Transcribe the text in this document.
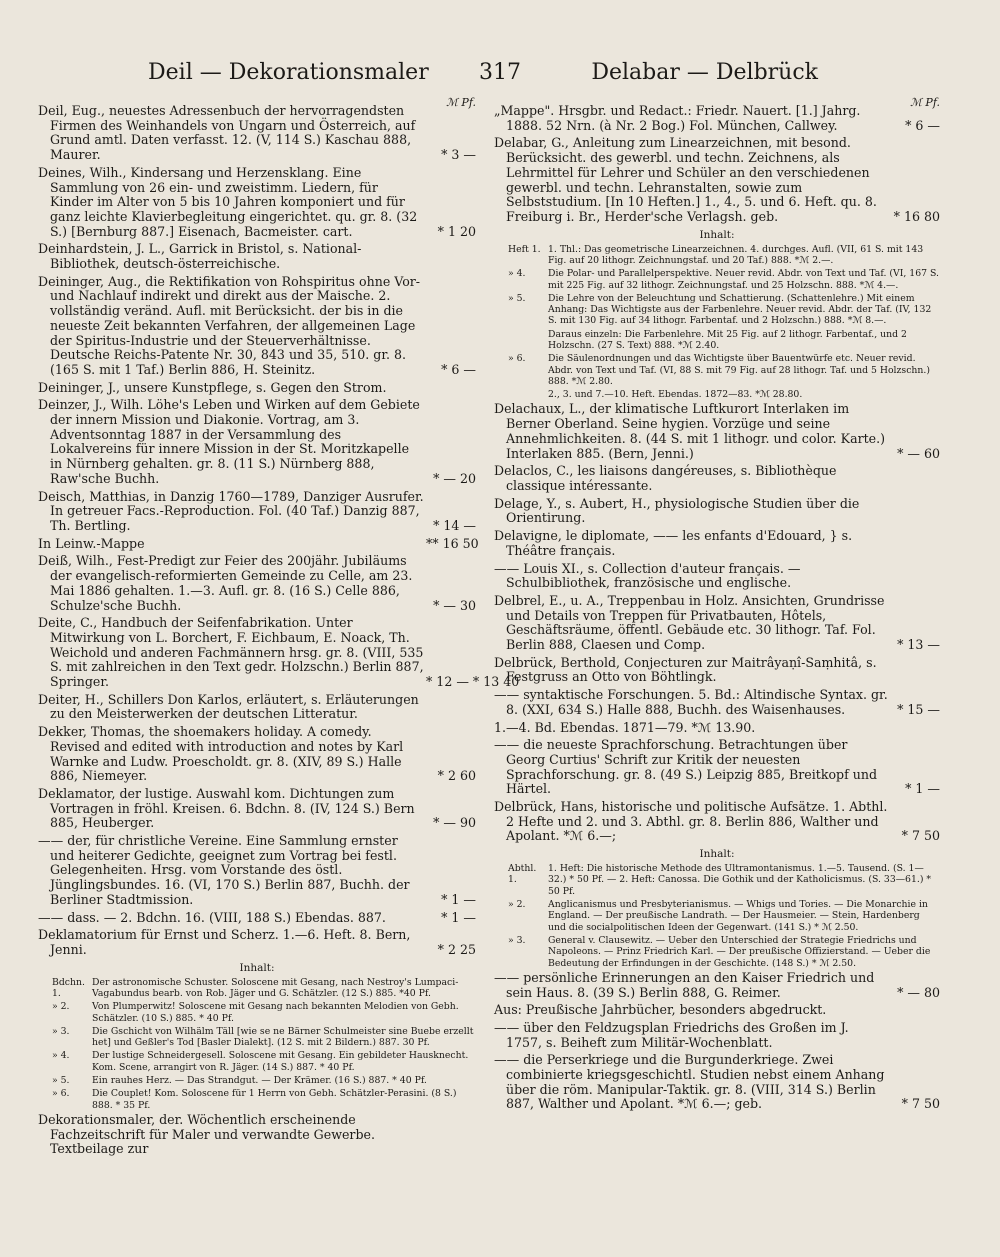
Deil — Dekorationsmaler	317	Delabar — Delbrück
ℳ Pf.
Deil, Eug., neuestes Adressenbuch der hervorragendsten Firmen des Weinhandels von Ungarn und Österreich, auf Grund amtl. Daten verfasst. 12. (V, 114 S.) Kaschau 888, Maurer.	* 3 —
Deines, Wilh., Kindersang und Herzensklang. Eine Sammlung von 26 ein- und zweistimm. Liedern, für Kinder im Alter von 5 bis 10 Jahren komponiert und für ganz leichte Klavierbegleitung eingerichtet. qu. gr. 8. (32 S.) [Bernburg 887.] Eisenach, Bacmeister. cart.	* 1 20
Deinhardstein, J. L., Garrick in Bristol, s. National-Bibliothek, deutsch-österreichische.
Deininger, Aug., die Rektifikation von Rohspiritus ohne Vor- und Nachlauf indirekt und direkt aus der Maische. 2. vollständig veränd. Aufl. mit Berücksicht. der bis in die neueste Zeit bekannten Verfahren, der allgemeinen Lage der Spiritus-Industrie und der Steuerverhältnisse. Deutsche Reichs-Patente Nr. 30, 843 und 35, 510. gr. 8. (165 S. mit 1 Taf.) Berlin 886, H. Steinitz.	* 6 —
Deininger, J., unsere Kunstpflege, s. Gegen den Strom.
Deinzer, J., Wilh. Löhe's Leben und Wirken auf dem Gebiete der innern Mission und Diakonie. Vortrag, am 3. Adventsonntag 1887 in der Versammlung des Lokalvereins für innere Mission in der St. Moritzkapelle in Nürnberg gehalten. gr. 8. (11 S.) Nürnberg 888, Raw'sche Buchh.	* — 20
Deisch, Matthias, in Danzig 1760—1789, Danziger Ausrufer. In getreuer Facs.-Reproduction. Fol. (40 Taf.) Danzig 887, Th. Bertling.	* 14 —
In Leinw.-Mappe	** 16 50
Deiß, Wilh., Fest-Predigt zur Feier des 200jähr. Jubiläums der evangelisch-reformierten Gemeinde zu Celle, am 23. Mai 1886 gehalten. 1.—3. Aufl. gr. 8. (16 S.) Celle 886, Schulze'sche Buchh.	* — 30
Deite, C., Handbuch der Seifenfabrikation. Unter Mitwirkung von L. Borchert, F. Eichbaum, E. Noack, Th. Weichold und anderen Fachmännern hrsg. gr. 8. (VIII, 535 S. mit zahlreichen in den Text gedr. Holzschn.) Berlin 887, Springer.	* 12 — * 13 40
Deiter, H., Schillers Don Karlos, erläutert, s. Erläuterungen zu den Meisterwerken der deutschen Litteratur.
Dekker, Thomas, the shoemakers holiday. A comedy. Revised and edited with introduction and notes by Karl Warnke and Ludw. Proescholdt. gr. 8. (XIV, 89 S.) Halle 886, Niemeyer.	* 2 60
Deklamator, der lustige. Auswahl kom. Dichtungen zum Vortragen in fröhl. Kreisen. 6. Bdchn. 8. (IV, 124 S.) Bern 885, Heuberger.	* — 90
—— der, für christliche Vereine. Eine Sammlung ernster und heiterer Gedichte, geeignet zum Vortrag bei festl. Gelegenheiten. Hrsg. vom Vorstande des östl. Jünglingsbundes. 16. (VI, 170 S.) Berlin 887, Buchh. der Berliner Stadtmission.	* 1 —
—— dass. — 2. Bdchn. 16. (VIII, 188 S.) Ebendas. 887.	* 1 —
Deklamatorium für Ernst und Scherz. 1.—6. Heft. 8. Bern, Jenni.	* 2 25
Inhalt:
Bdchn. 1.
Der astronomische Schuster. Soloscene mit Gesang, nach Nestroy's Lumpaci-Vagabundus bearb. von Rob. Jäger und G. Schätzler. (12 S.) 885. *40 Pf.
» 2.	Von Plumperwitz! Soloscene mit Gesang nach bekannten Melodien von Gebh. Schätzler. (10 S.) 885. * 40 Pf.
» 3.	Die Gschicht von Wilhälm Täll [wie se ne Bärner Schulmeister sine Buebe erzellt het] und Geßler's Tod [Basler Dialekt]. (12 S. mit 2 Bildern.) 887. 30 Pf.
» 4.	Der lustige Schneidergesell. Soloscene mit Gesang. Ein gebildeter Hausknecht. Kom. Scene, arrangirt von R. Jäger. (14 S.) 887. * 40 Pf.
» 5.	Ein rauhes Herz. — Das Strandgut. — Der Krämer. (16 S.) 887. * 40 Pf.
» 6.	Die Couplet! Kom. Soloscene für 1 Herrn von Gebh. Schätzler-Perasini. (8 S.) 888. * 35 Pf.
Dekorationsmaler, der. Wöchentlich erscheinende Fachzeitschrift für Maler und verwandte Gewerbe. Textbeilage zur
ℳ Pf.
„Mappe". Hrsgbr. und Redact.: Friedr. Nauert. [1.] Jahrg. 1888. 52 Nrn. (à Nr. 2 Bog.) Fol. München, Callwey.	* 6 —
Delabar, G., Anleitung zum Linearzeichnen, mit besond. Berücksicht. des gewerbl. und techn. Zeichnens, als Lehrmittel für Lehrer und Schüler an den verschiedenen gewerbl. und techn. Lehranstalten, sowie zum Selbststudium. [In 10 Heften.] 1., 4., 5. und 6. Heft. qu. 8. Freiburg i. Br., Herder'sche Verlagsh. geb.	* 16 80
Inhalt:
Heft 1. 1. Thl.: Das geometrische Linearzeichnen. 4. durchges. Aufl. (VII, 61 S. mit 143 Fig. auf 20 lithogr. Zeichnungstaf. und 20 Taf.) 888. *ℳ 2.—.
» 4.	Die Polar- und Parallelperspektive. Neuer revid. Abdr. von Text und Taf. (VI, 167 S. mit 225 Fig. auf 32 lithogr. Zeichnungstaf. und 25 Holzschn. 888. *ℳ 4.—.
» 5.	Die Lehre von der Beleuchtung und Schattierung. (Schattenlehre.) Mit einem Anhang: Das Wichtigste aus der Farbenlehre. Neuer revid. Abdr. der Taf. (IV, 132 S. mit 130 Fig. auf 34 lithogr. Farbentaf. und 2 Holzschn.) 888. *ℳ 8.—.
Daraus einzeln: Die Farbenlehre. Mit 25 Fig. auf 2 lithogr. Farbentaf., und 2 Holzschn. (27 S. Text) 888. *ℳ 2.40.
» 6.	Die Säulenordnungen und das Wichtigste über Bauentwürfe etc. Neuer revid. Abdr. von Text und Taf. (VI, 88 S. mit 79 Fig. auf 28 lithogr. Taf. und 5 Holzschn.) 888. *ℳ 2.80.
2., 3. und 7.—10. Heft. Ebendas. 1872—83. *ℳ 28.80.
Delachaux, L., der klimatische Luftkurort Interlaken im Berner Oberland. Seine hygien. Vorzüge und seine Annehmlichkeiten. 8. (44 S. mit 1 lithogr. und color. Karte.) Interlaken 885. (Bern, Jenni.)	* — 60
Delaclos, C., les liaisons dangéreuses, s. Bibliothèque classique intéressante.
Delage, Y., s. Aubert, H., physiologische Studien über die Orientirung.
Delavigne, le diplomate, —— les enfants d'Edouard, } s. Théâtre français.
—— Louis XI., s. Collection d'auteur français. — Schulbibliothek, französische und englische.
Delbrel, E., u. A., Treppenbau in Holz. Ansichten, Grundrisse und Details von Treppen für Privatbauten, Hôtels, Geschäftsräume, öffentl. Gebäude etc. 30 lithogr. Taf. Fol. Berlin 888, Claesen und Comp.	* 13 —
Delbrück, Berthold, Conjecturen zur Maitrâyaṇî-Saṃhitâ, s. Festgruss an Otto von Böhtlingk.
—— syntaktische Forschungen. 5. Bd.: Altindische Syntax. gr. 8. (XXI, 634 S.) Halle 888, Buchh. des Waisenhauses.	* 15 —
1.—4. Bd. Ebendas. 1871—79. *ℳ 13.90.
—— die neueste Sprachforschung. Betrachtungen über Georg Curtius' Schrift zur Kritik der neuesten Sprachforschung. gr. 8. (49 S.) Leipzig 885, Breitkopf und Härtel.	* 1 —
Delbrück, Hans, historische und politische Aufsätze. 1. Abthl. 2 Hefte und 2. und 3. Abthl. gr. 8. Berlin 886, Walther und Apolant. *ℳ 6.—;	* 7 50
Inhalt:
Abthl. 1.
1. Heft: Die historische Methode des Ultramontanismus. 1.—5. Tausend. (S. 1—32.) * 50 Pf. — 2. Heft: Canossa. Die Gothik und der Katholicismus. (S. 33—61.) * 50 Pf.
» 2.	Anglicanismus und Presbyterianismus. — Whigs und Tories. — Die Monarchie in England. — Der preußische Landrath. — Der Hausmeier. — Stein, Hardenberg und die socialpolitischen Ideen der Gegenwart. (141 S.) * ℳ 2.50.
» 3.	General v. Clausewitz. — Ueber den Unterschied der Strategie Friedrichs und Napoleons. — Prinz Friedrich Karl. — Der preußische Offizierstand. — Ueber die Bedeutung der Erfindungen in der Geschichte. (148 S.) * ℳ 2.50.
—— persönliche Erinnerungen an den Kaiser Friedrich und sein Haus. 8. (39 S.) Berlin 888, G. Reimer.	* — 80
Aus: Preußische Jahrbücher, besonders abgedruckt.
—— über den Feldzugsplan Friedrichs des Großen im J. 1757, s. Beiheft zum Militär-Wochenblatt.
—— die Perserkriege und die Burgunderkriege. Zwei combinierte kriegsgeschichtl. Studien nebst einem Anhang über die röm. Manipular-Taktik. gr. 8. (VIII, 314 S.) Berlin 887, Walther und Apolant. *ℳ 6.—; geb.	* 7 50
